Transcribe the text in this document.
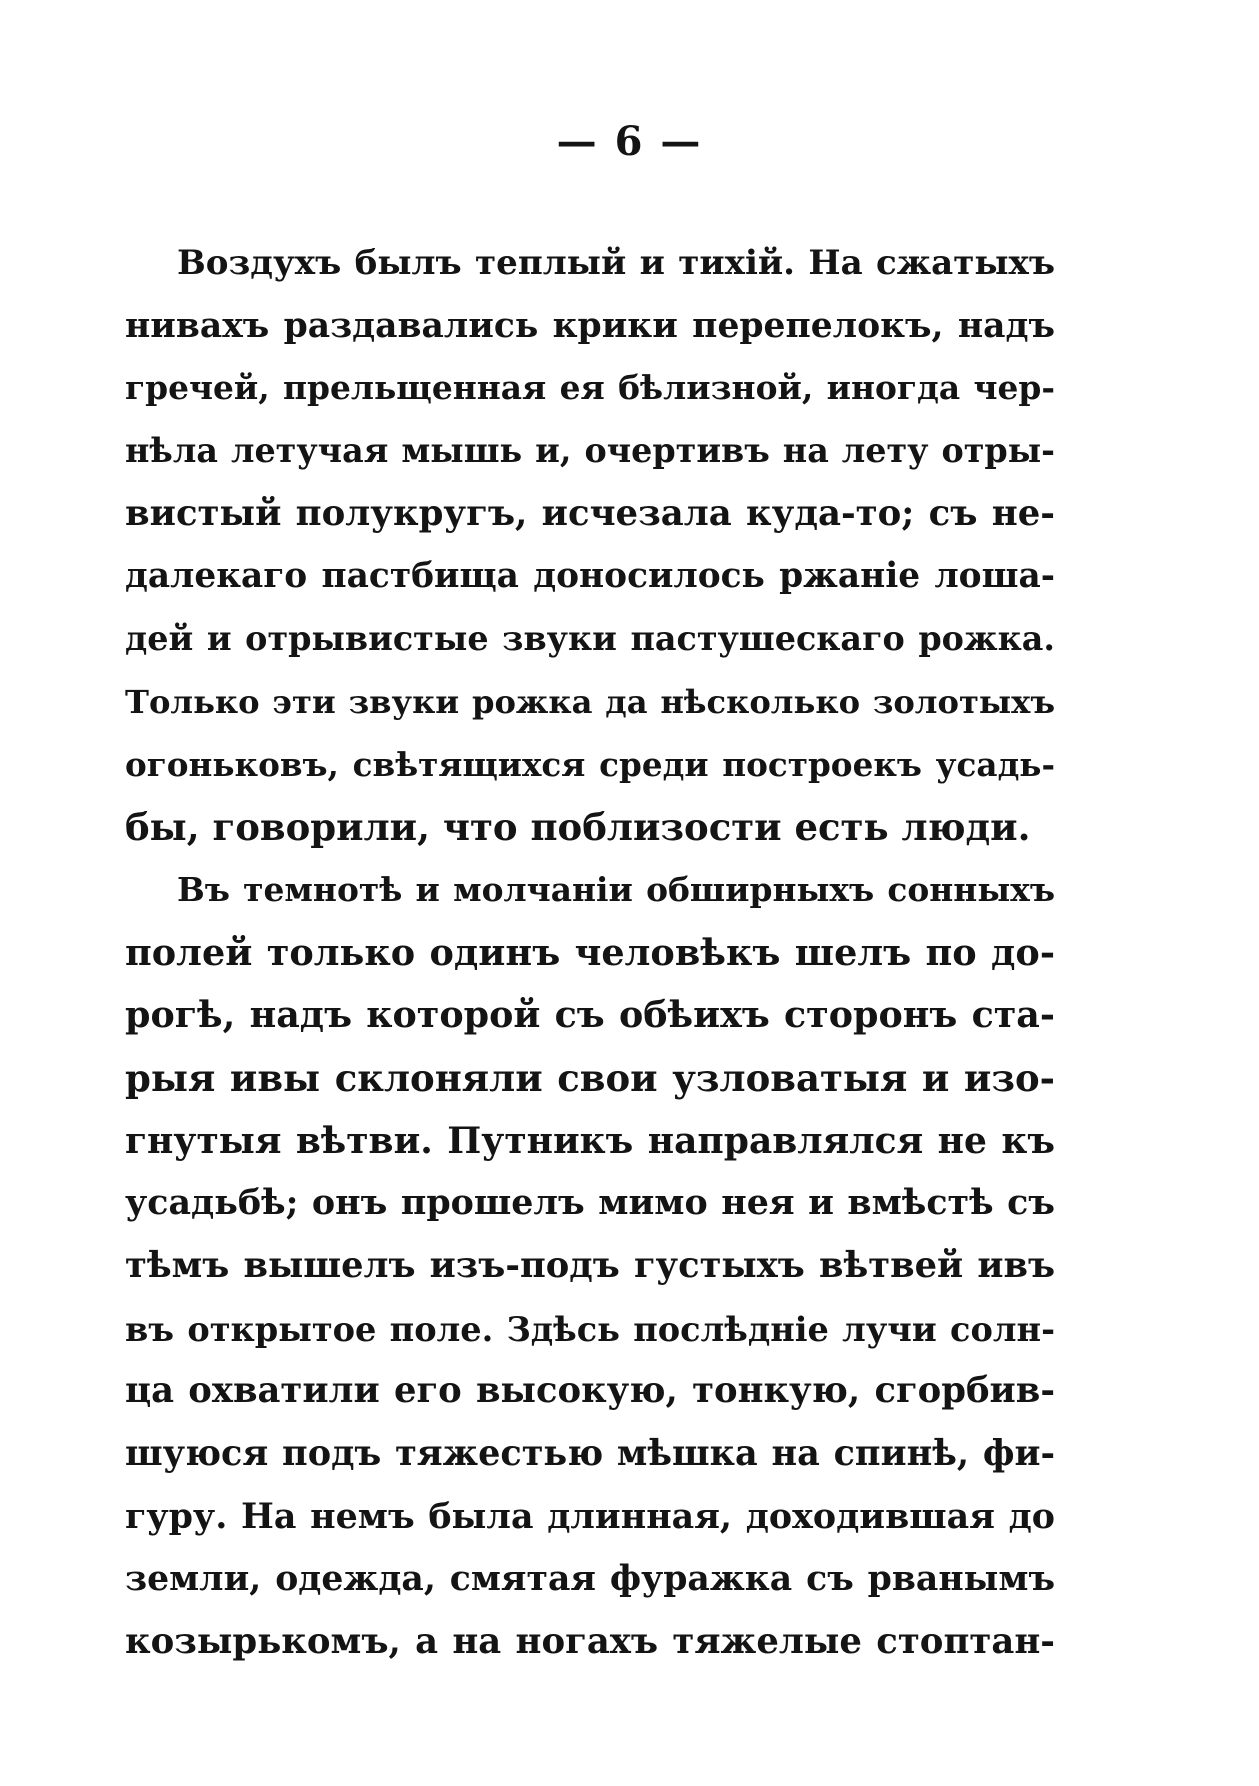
— 6 —
Воздухъ былъ теплый и тихій. На сжатыхъ
нивахъ раздавались крики перепелокъ, надъ
гречей, прельщенная ея бѣлизной, иногда чер-
нѣла летучая мышь и, очертивъ на лету отры-
вистый полукругъ, исчезала куда-то; съ не-
далекаго пастбища доносилось ржаніе лоша-
дей и отрывистые звуки пастушескаго рожка.
Только эти звуки рожка да нѣсколько золотыхъ
огоньковъ, свѣтящихся среди построекъ усадь-
бы, говорили, что поблизости есть люди.
Въ темнотѣ и молчаніи обширныхъ сонныхъ
полей только одинъ человѣкъ шелъ по до-
рогѣ, надъ которой съ обѣихъ сторонъ ста-
рыя ивы склоняли свои узловатыя и изо-
гнутыя вѣтви. Путникъ направлялся не къ
усадьбѣ; онъ прошелъ мимо нея и вмѣстѣ съ
тѣмъ вышелъ изъ-подъ густыхъ вѣтвей ивъ
въ открытое поле. Здѣсь послѣдніе лучи солн-
ца охватили его высокую, тонкую, сгорбив-
шуюся подъ тяжестью мѣшка на спинѣ, фи-
гуру. На немъ была длинная, доходившая до
земли, одежда, смятая фуражка съ рванымъ
козырькомъ, а на ногахъ тяжелые стоптан-
